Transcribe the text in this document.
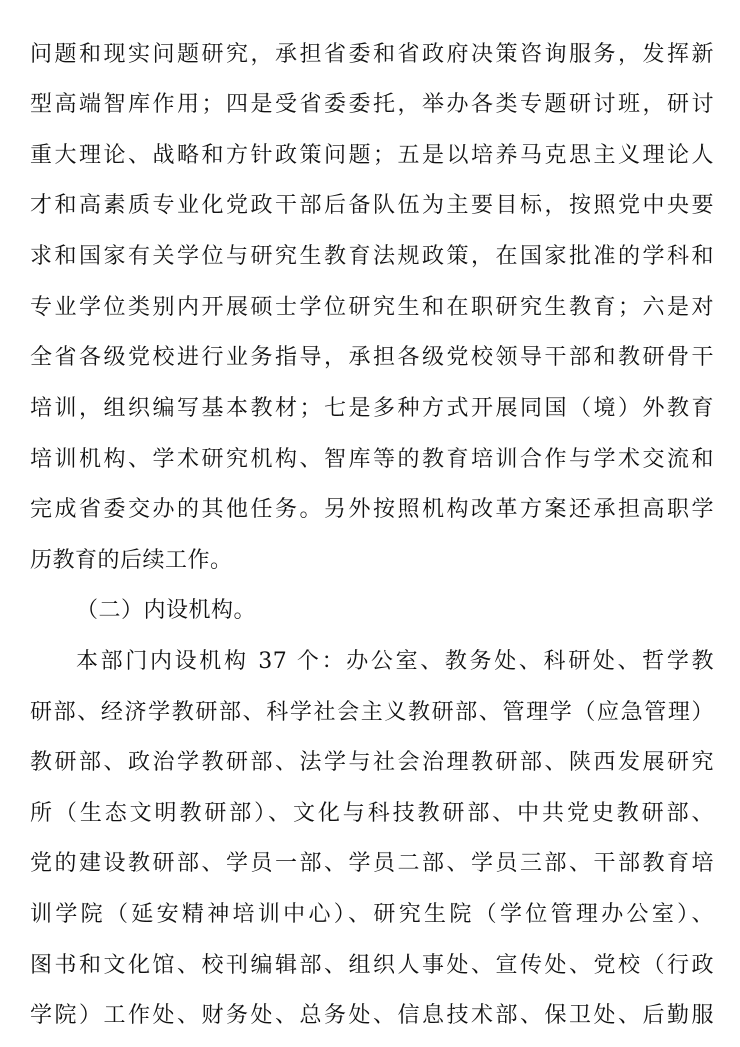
问题和现实问题研究，承担省委和省政府决策咨询服务，发挥新
型高端智库作用；四是受省委委托，举办各类专题研讨班，研讨
重大理论、战略和方针政策问题；五是以培养马克思主义理论人
才和高素质专业化党政干部后备队伍为主要目标，按照党中央要
求和国家有关学位与研究生教育法规政策，在国家批准的学科和
专业学位类别内开展硕士学位研究生和在职研究生教育；六是对
全省各级党校进行业务指导，承担各级党校领导干部和教研骨干
培训，组织编写基本教材；七是多种方式开展同国（境）外教育
培训机构、学术研究机构、智库等的教育培训合作与学术交流和
完成省委交办的其他任务。另外按照机构改革方案还承担高职学
历教育的后续工作。
（二）内设机构。
本部门内设机构 37 个：办公室、教务处、科研处、哲学教
研部、经济学教研部、科学社会主义教研部、管理学（应急管理）
教研部、政治学教研部、法学与社会治理教研部、陕西发展研究
所（生态文明教研部）、文化与科技教研部、中共党史教研部、
党的建设教研部、学员一部、学员二部、学员三部、干部教育培
训学院（延安精神培训中心）、研究生院（学位管理办公室）、
图书和文化馆、校刊编辑部、组织人事处、宣传处、党校（行政
学院）工作处、财务处、总务处、信息技术部、保卫处、后勤服
